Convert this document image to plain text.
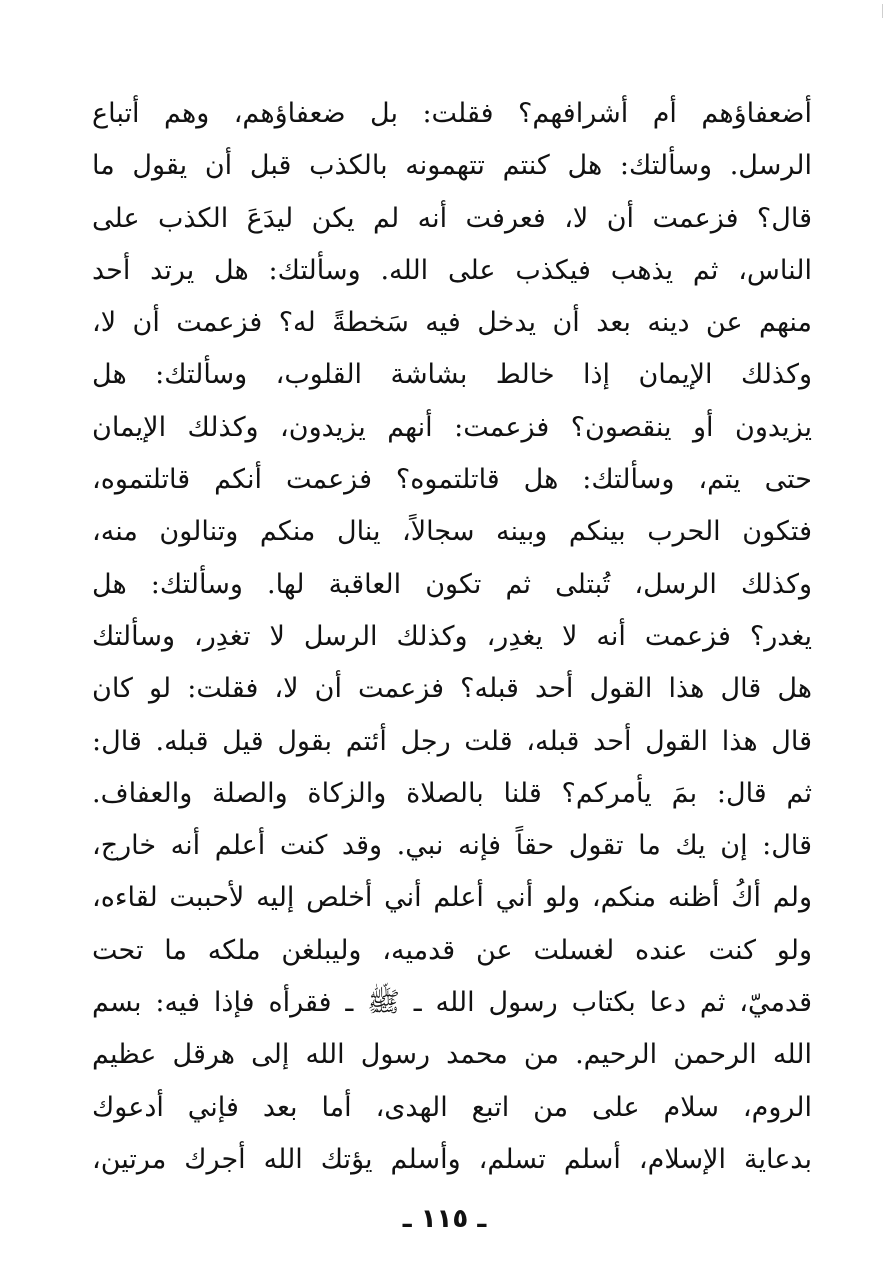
أضعفاؤهم أم أشرافهم؟ فقلت: بل ضعفاؤهم، وهم أتباع
الرسل. وسألتك: هل كنتم تتهمونه بالكذب قبل أن يقول ما
قال؟ فزعمت أن لا، فعرفت أنه لم يكن ليدَعَ الكذب على
الناس، ثم يذهب فيكذب على الله. وسألتك: هل يرتد أحد
منهم عن دينه بعد أن يدخل فيه سَخطةً له؟ فزعمت أن لا،
وكذلك الإيمان إذا خالط بشاشة القلوب، وسألتك: هل
يزيدون أو ينقصون؟ فزعمت: أنهم يزيدون، وكذلك الإيمان
حتى يتم، وسألتك: هل قاتلتموه؟ فزعمت أنكم قاتلتموه،
فتكون الحرب بينكم وبينه سجالاً، ينال منكم وتنالون منه،
وكذلك الرسل، تُبتلى ثم تكون العاقبة لها. وسألتك: هل
يغدر؟ فزعمت أنه لا يغدِر، وكذلك الرسل لا تغدِر، وسألتك
هل قال هذا القول أحد قبله؟ فزعمت أن لا، فقلت: لو كان
قال هذا القول أحد قبله، قلت رجل أئتم بقول قيل قبله. قال:
ثم قال: بمَ يأمركم؟ قلنا بالصلاة والزكاة والصلة والعفاف.
قال: إن يك ما تقول حقاً فإنه نبي. وقد كنت أعلم أنه خارج،
ولم أكُ أظنه منكم، ولو أني أعلم أني أخلص إليه لأحببت لقاءه،
ولو كنت عنده لغسلت عن قدميه، وليبلغن ملكه ما تحت
قدميّ، ثم دعا بكتاب رسول الله ـ ﷺ ـ فقرأه فإذا فيه: بسم
الله الرحمن الرحيم. من محمد رسول الله إلى هرقل عظيم
الروم، سلام على من اتبع الهدى، أما بعد فإني أدعوك
بدعاية الإسلام، أسلم تسلم، وأسلم يؤتك الله أجرك مرتين،
ـ ١١٥ ـ
